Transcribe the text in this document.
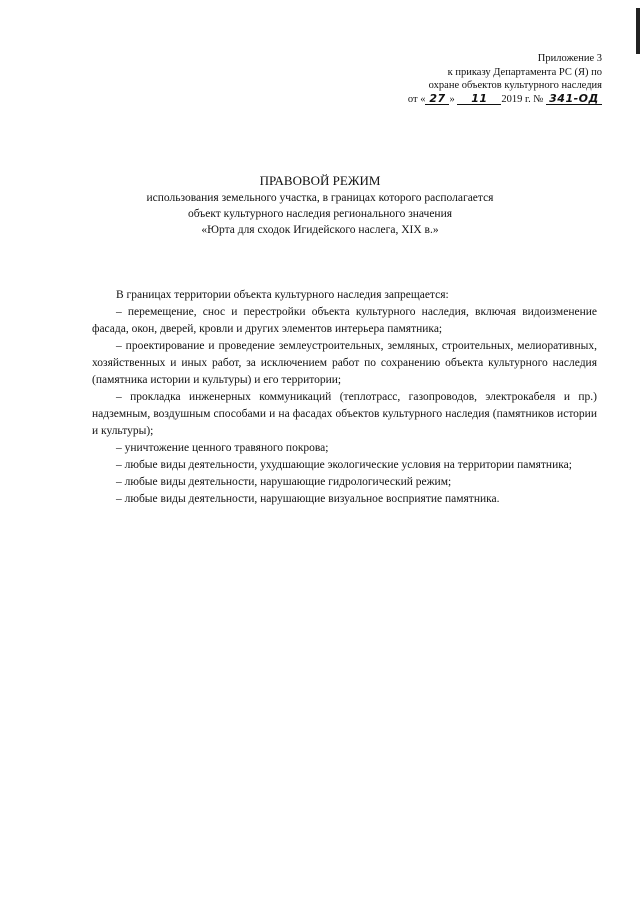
Приложение 3
к приказу Департамента РС (Я) по
охране объектов культурного наследия
от « 27 » 11 2019 г. № 341-ОД
ПРАВОВОЙ РЕЖИМ
использования земельного участка, в границах которого располагается
объект культурного наследия регионального значения
«Юрта для сходок Игидейского наслега, XIX в.»

В границах территории объекта культурного наследия запрещается:

– перемещение, снос и перестройки объекта культурного наследия, включая видоизменение фасада, окон, дверей, кровли и других элементов интерьера памятника;

– проектирование и проведение землеустроительных, земляных, строительных, мелиоративных, хозяйственных и иных работ, за исключением работ по сохранению объекта культурного наследия (памятника истории и культуры) и его территории;

– прокладка инженерных коммуникаций (теплотрасс, газопроводов, электрокабеля и пр.) надземным, воздушным способами и на фасадах объектов культурного наследия (памятников истории и культуры);

– уничтожение ценного травяного покрова;

– любые виды деятельности, ухудшающие экологические условия на территории памятника;

– любые виды деятельности, нарушающие гидрологический режим;

– любые виды деятельности, нарушающие визуальное восприятие памятника.
